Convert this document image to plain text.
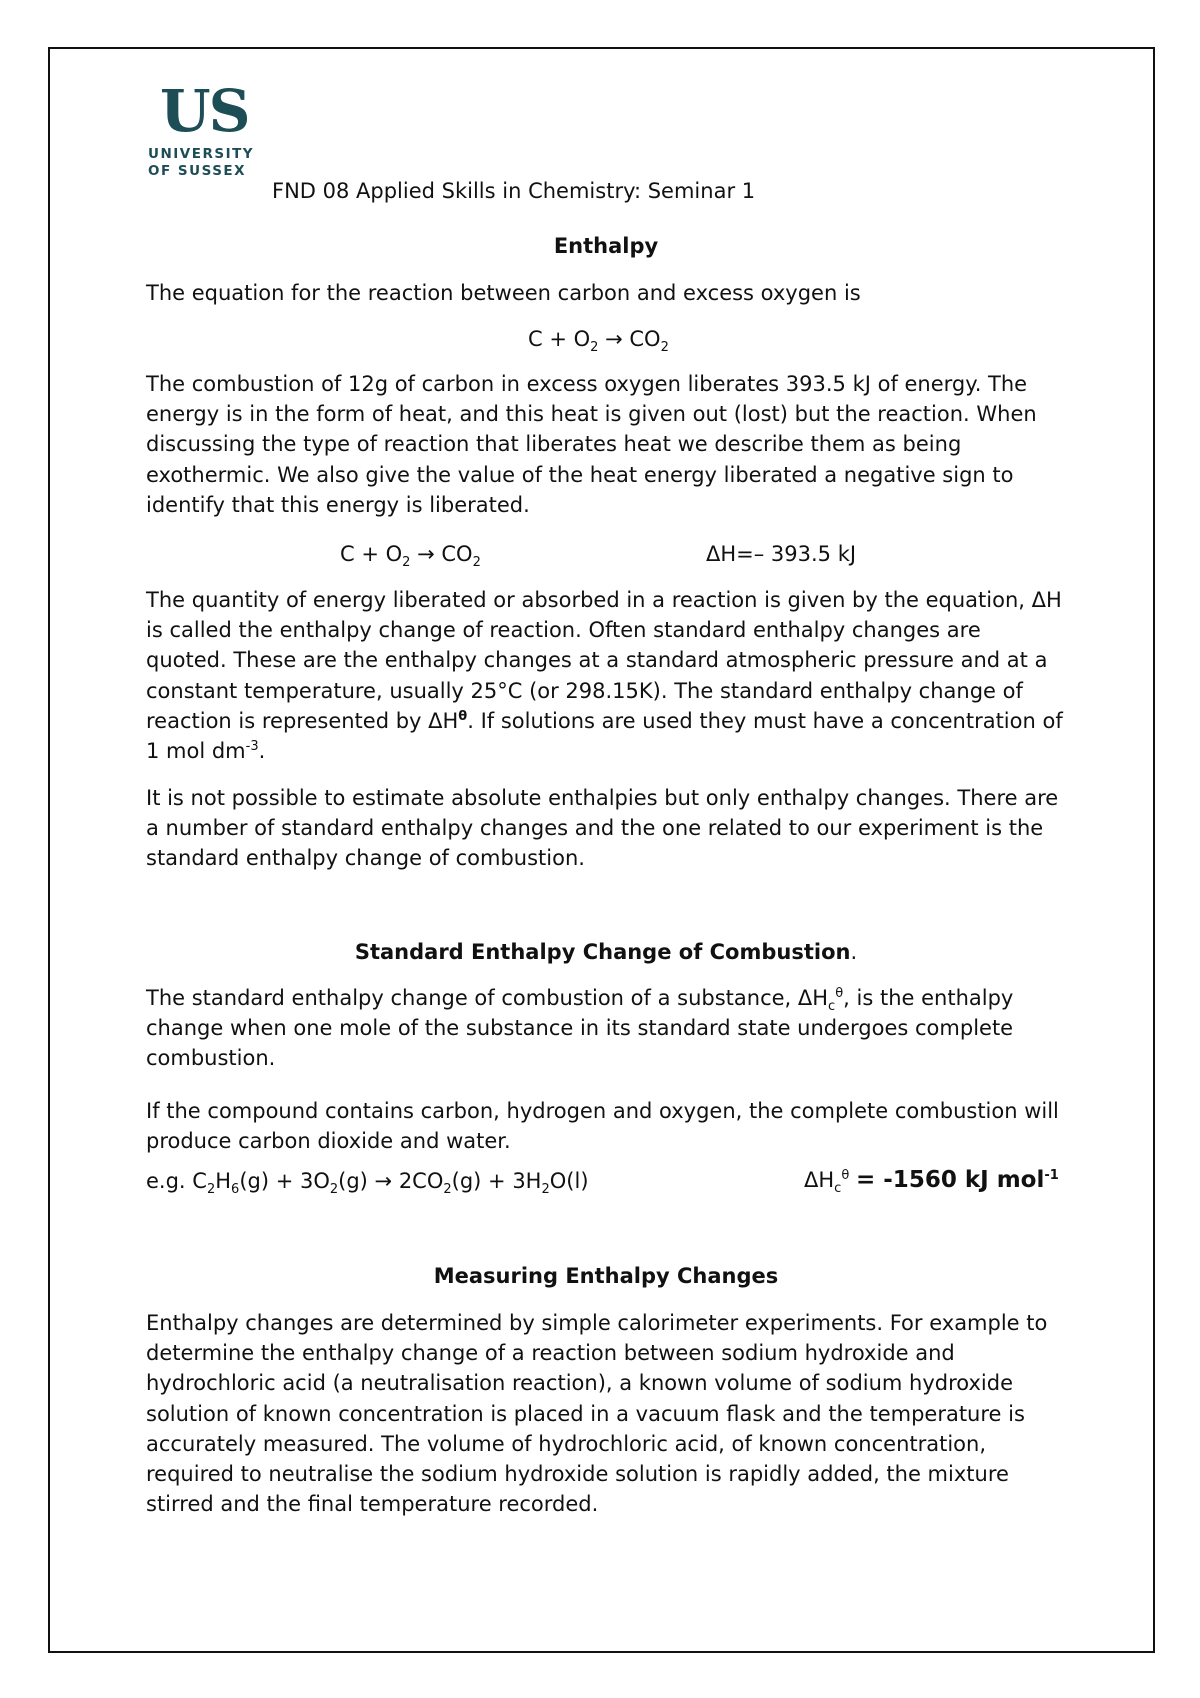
US
UNIVERSITY
OF SUSSEX
FND 08 Applied Skills in Chemistry: Seminar 1
Enthalpy
The equation for the reaction between carbon and excess oxygen is
$C + O_2 \to CO_2$

The combustion of 12g of carbon in excess oxygen liberates 393.5 kJ of energy. The energy is in the form of heat, and this heat is given out (lost) but the reaction. When discussing the type of reaction that liberates heat we describe them as being exothermic. We also give the value of the heat energy liberated a negative sign to identify that this energy is liberated.

$C + O_2 \to CO_2$	ΔH=– 393.5 kJ

The quantity of energy liberated or absorbed in a reaction is given by the equation, ΔH is called the enthalpy change of reaction. Often standard enthalpy changes are quoted. These are the enthalpy changes at a standard atmospheric pressure and at a constant temperature, usually 25°C (or 298.15K). The standard enthalpy change of reaction is represented by $\Delta H^\theta$. If solutions are used they must have a concentration of 1 mol $dm^{-3}$.

It is not possible to estimate absolute enthalpies but only enthalpy changes. There are a number of standard enthalpy changes and the one related to our experiment is the standard enthalpy change of combustion.

Standard Enthalpy Change of Combustion.

The standard enthalpy change of combustion of a substance, $\Delta H_c^\theta$, is the enthalpy change when one mole of the substance in its standard state undergoes complete combustion.

If the compound contains carbon, hydrogen and oxygen, the complete combustion will produce carbon dioxide and water.

e.g. $C_2H_6(g) + 3O_2(g) \to 2CO_2(g) + 3H_2O(l)$	$\Delta H_c^\theta = -1560$ kJ mol$^{-1}$
Measuring Enthalpy Changes

Enthalpy changes are determined by simple calorimeter experiments. For example to determine the enthalpy change of a reaction between sodium hydroxide and hydrochloric acid (a neutralisation reaction), a known volume of sodium hydroxide solution of known concentration is placed in a vacuum flask and the temperature is accurately measured. The volume of hydrochloric acid, of known concentration, required to neutralise the sodium hydroxide solution is rapidly added, the mixture stirred and the final temperature recorded.
